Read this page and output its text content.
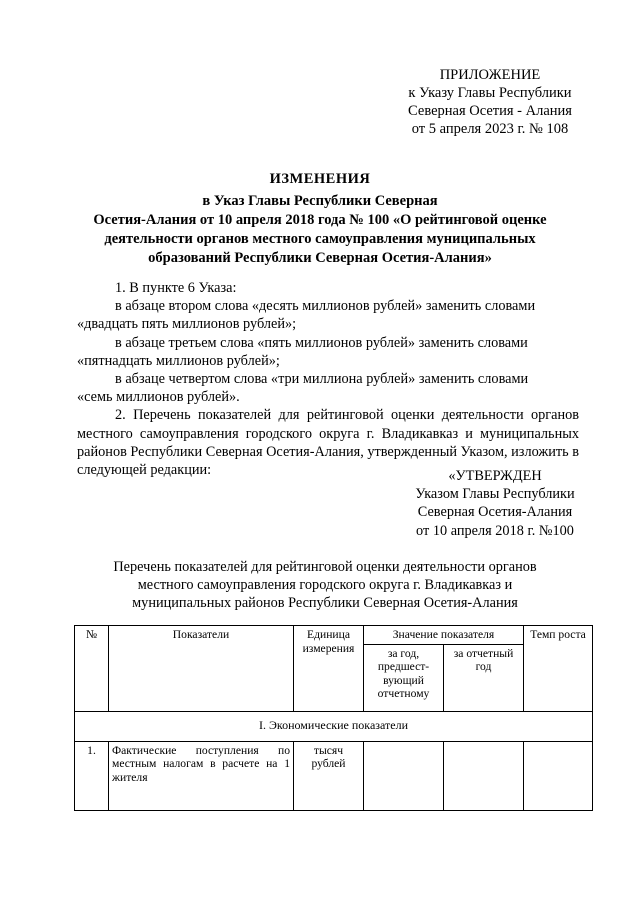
ПРИЛОЖЕНИЕ
к Указу Главы Республики
Северная Осетия - Алания
от 5 апреля 2023 г. № 108
ИЗМЕНЕНИЯ
в Указ Главы Республики Северная
Осетия-Алания от 10 апреля 2018 года № 100 «О рейтинговой оценке
деятельности органов местного самоуправления муниципальных
образований Республики Северная Осетия-Алания»

1. В пункте 6 Указа:

в абзаце втором слова «десять миллионов рублей» заменить словами

«двадцать пять миллионов рублей»;

в абзаце третьем слова «пять миллионов рублей» заменить словами

«пятнадцать миллионов рублей»;

в абзаце четвертом слова «три миллиона рублей» заменить словами

«семь миллионов рублей».

2. Перечень показателей для рейтинговой оценки деятельности органов местного самоуправления городского округа г. Владикавказ и муниципальных районов Республики Северная Осетия-Алания, утвержденный Указом, изложить в следующей редакции:	«УТВЕРЖДЕН
Указом Главы Республики
Северная Осетия-Алания
от 10 апреля 2018 г. №100
Перечень показателей для рейтинговой оценки деятельности органов
местного самоуправления городского округа г. Владикавказ и
муниципальных районов Республики Северная Осетия-Алания
№	Показатели	Единица измерения	Значение показателя		Темп роста
			за год, предшест-вующий отчетному	за отчетный год	
I. Экономические показатели					
1.	Фактические поступления по местным налогам в расчете на 1 жителя	тысяч рублей			
